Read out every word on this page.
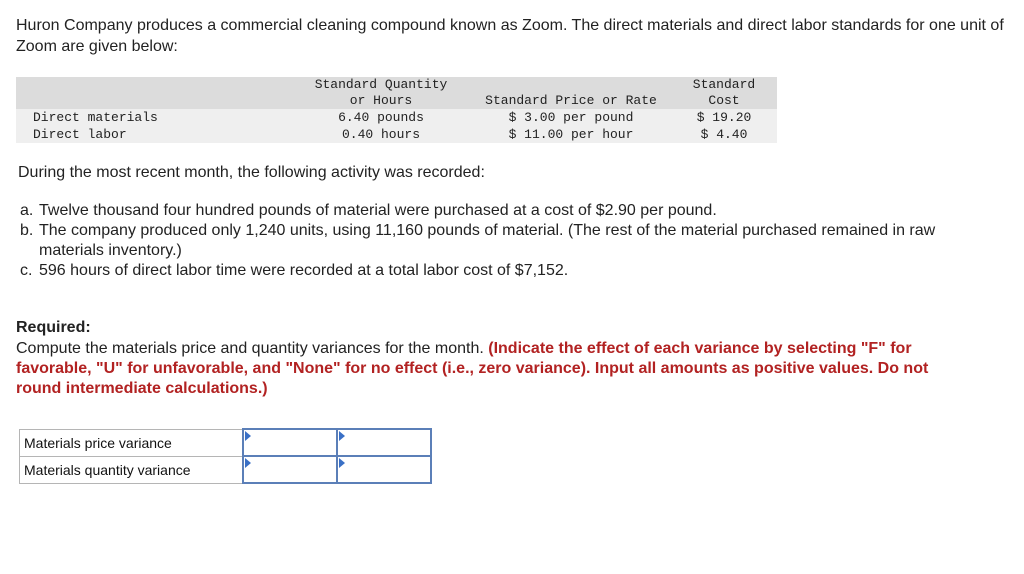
Huron Company produces a commercial cleaning compound known as Zoom. The direct materials and direct labor standards for one unit of Zoom are given below:

	Standard Quantity
or Hours	Standard Price or Rate	Standard
Cost
Direct materials	6.40 pounds	$ 3.00 per pound	$ 19.20
Direct labor	0.40 hours	$ 11.00 per hour	$ 4.40

During the most recent month, the following activity was recorded:

a. Twelve thousand four hundred pounds of material were purchased at a cost of $2.90 per pound.
b. The company produced only 1,240 units, using 11,160 pounds of material. (The rest of the material purchased remained in raw materials inventory.)
c. 596 hours of direct labor time were recorded at a total labor cost of $7,152.

Required:

Compute the materials price and quantity variances for the month. (Indicate the effect of each variance by selecting "F" for favorable, "U" for unfavorable, and "None" for no effect (i.e., zero variance). Input all amounts as positive values. Do not round intermediate calculations.)

Materials price variance	

Materials quantity variance	
